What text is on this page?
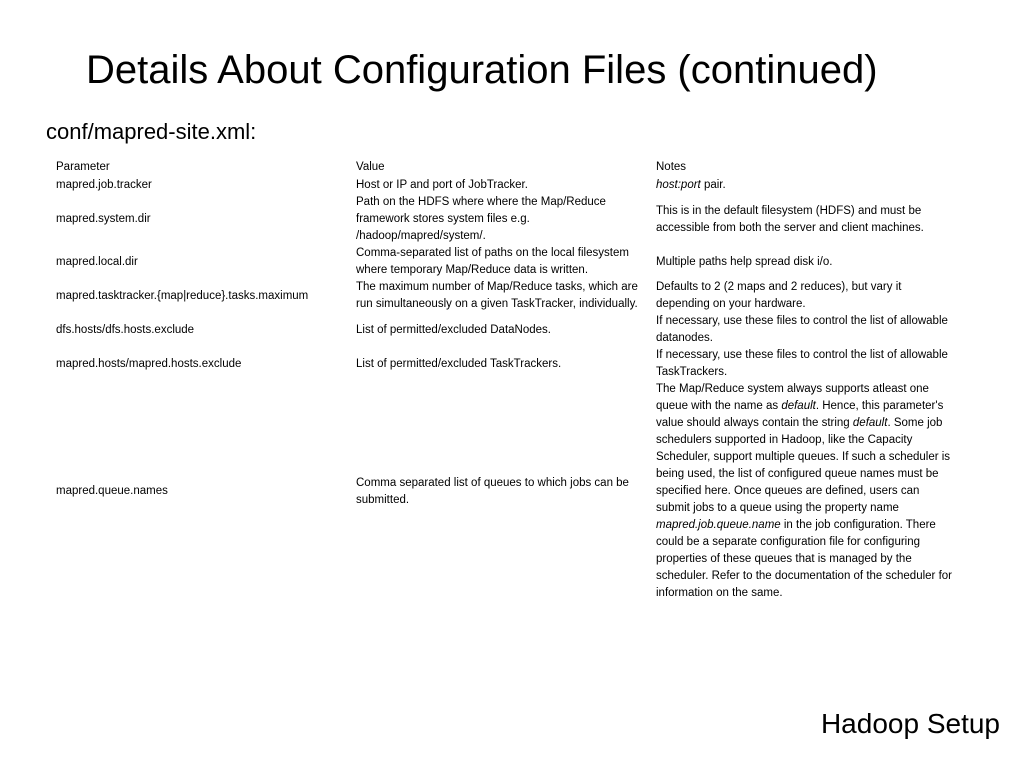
Details About Configuration Files (continued)

conf/mapred-site.xml:

Parameter	Value	Notes
mapred.job.tracker	Host or IP and port of JobTracker.	host:port pair.
mapred.system.dir	Path on the HDFS where where the Map/Reduce framework stores system files e.g. /hadoop/mapred/system/.	This is in the default filesystem (HDFS) and must be accessible from both the server and client machines.
mapred.local.dir	Comma-separated list of paths on the local filesystem where temporary Map/Reduce data is written.	Multiple paths help spread disk i/o.
mapred.tasktracker.{map|reduce}.tasks.maximum	The maximum number of Map/Reduce tasks, which are run simultaneously on a given TaskTracker, individually.	Defaults to 2 (2 maps and 2 reduces), but vary it depending on your hardware.
dfs.hosts/dfs.hosts.exclude	List of permitted/excluded DataNodes.	If necessary, use these files to control the list of allowable datanodes.
mapred.hosts/mapred.hosts.exclude	List of permitted/excluded TaskTrackers.	If necessary, use these files to control the list of allowable TaskTrackers.
mapred.queue.names	Comma separated list of queues to which jobs can be submitted.	The Map/Reduce system always supports atleast one queue with the name as default. Hence, this parameter's value should always contain the string default. Some job schedulers supported in Hadoop, like the Capacity Scheduler, support multiple queues. If such a scheduler is being used, the list of configured queue names must be specified here. Once queues are defined, users can submit jobs to a queue using the property name mapred.job.queue.name in the job configuration. There could be a separate configuration file for configuring properties of these queues that is managed by the scheduler. Refer to the documentation of the scheduler for information on the same.

Hadoop Setup
